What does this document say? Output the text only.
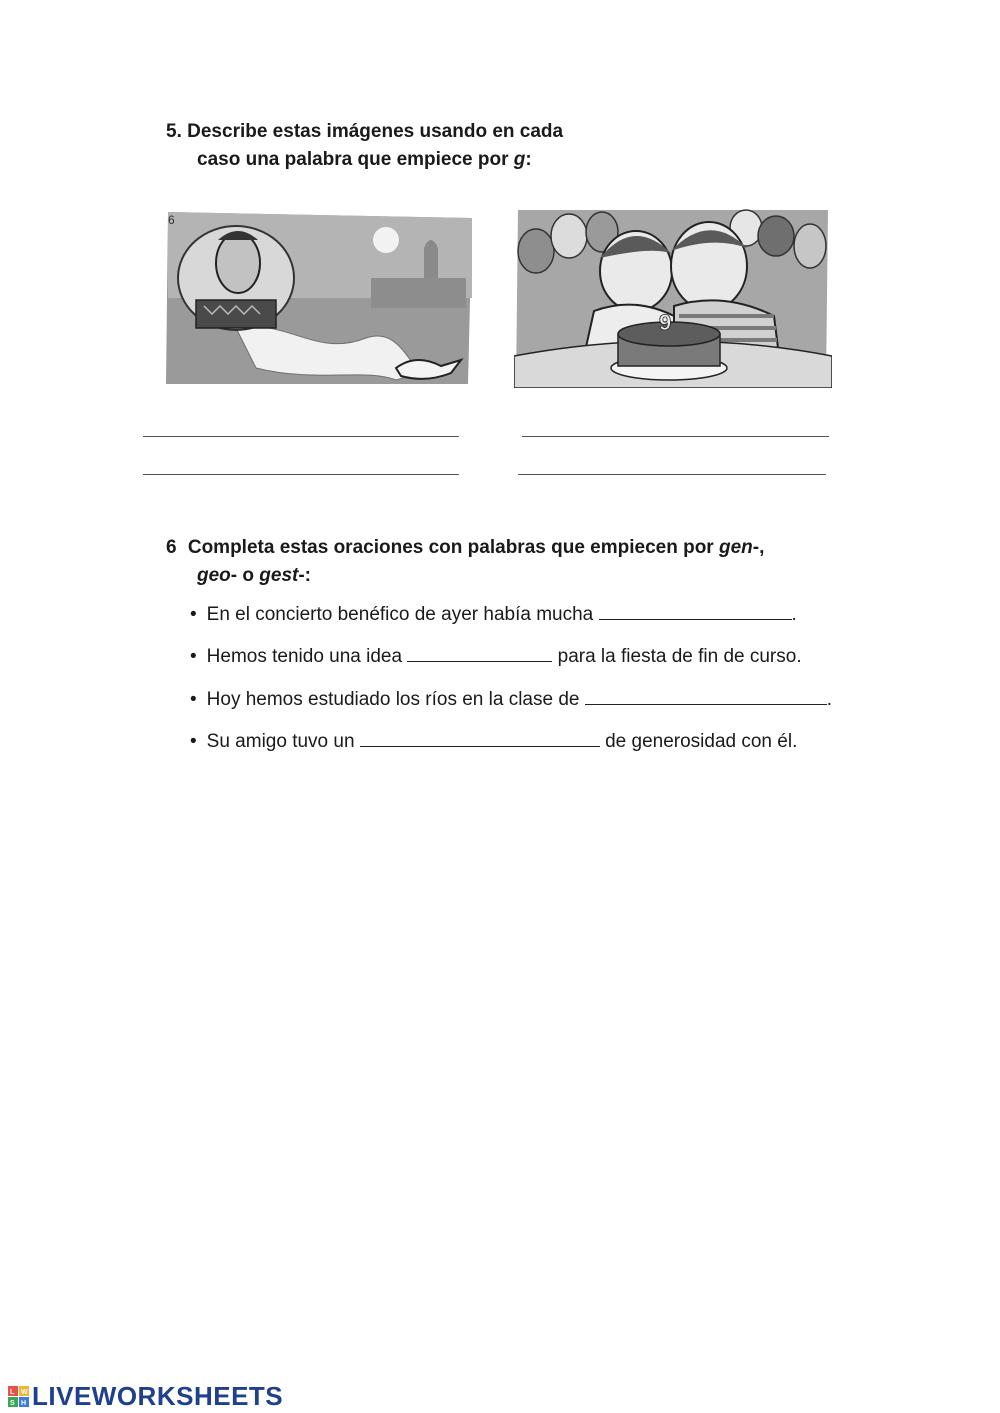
5. Describe estas imágenes usando en cada
caso una palabra que empiece por g:
6
9
6 Completa estas oraciones con palabras que empiecen por gen-,
geo- o gest-:
• En el concierto benéfico de ayer había mucha	.
• Hemos tenido una idea	para la fiesta de fin de curso.
• Hoy hemos estudiado los ríos en la clase de	.
• Su amigo tuvo un	de generosidad con él.
L W
S H LIVEWORKSHEETS
